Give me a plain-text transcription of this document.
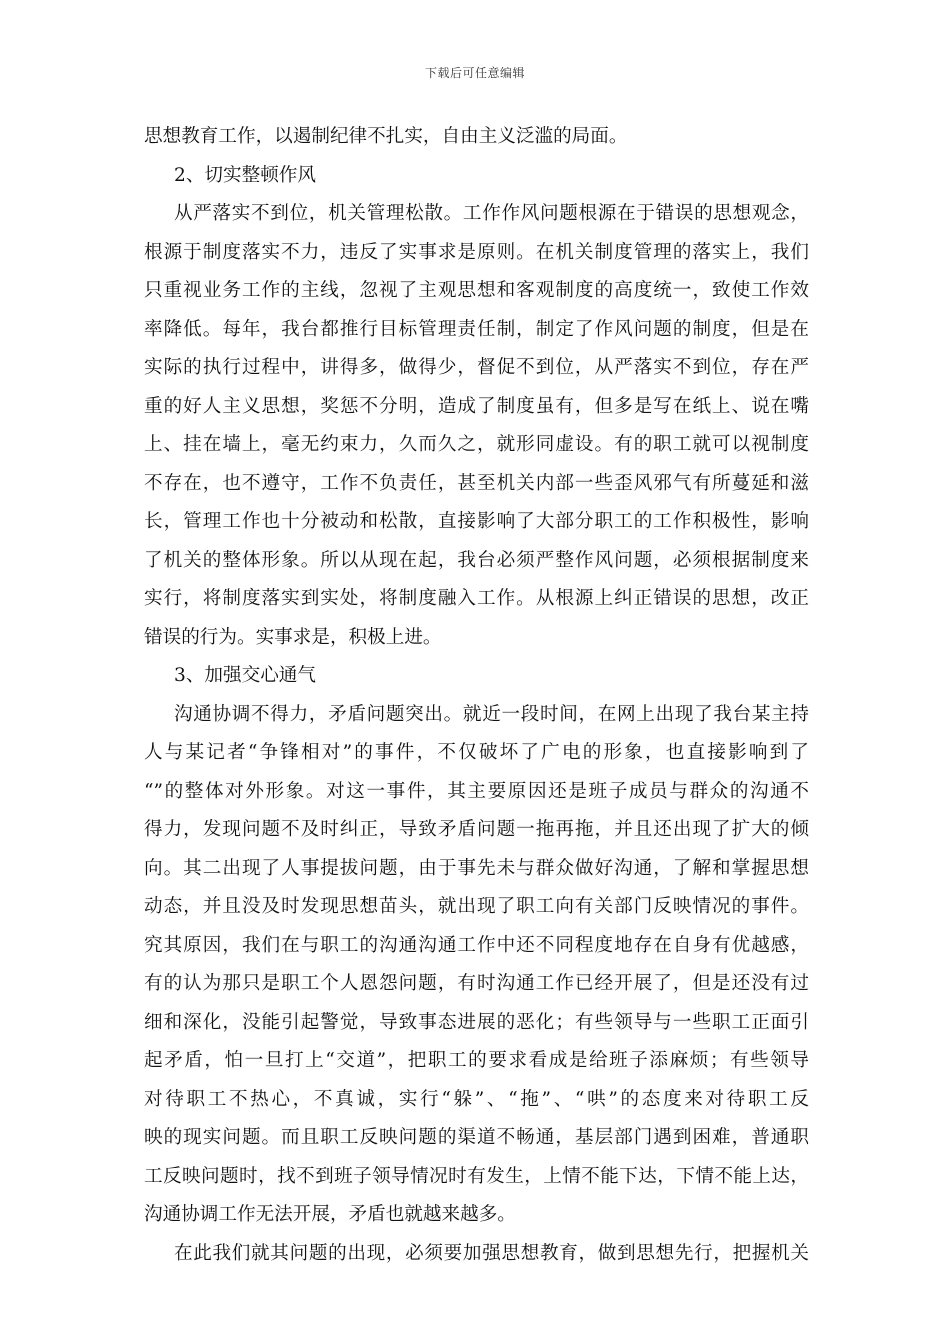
下载后可任意编辑
思想教育工作，以遏制纪律不扎实，自由主义泛滥的局面。
2、切实整顿作风
从严落实不到位，机关管理松散。工作作风问题根源在于错误的思想观念，
根源于制度落实不力，违反了实事求是原则。在机关制度管理的落实上，我们
只重视业务工作的主线，忽视了主观思想和客观制度的高度统一，致使工作效
率降低。每年，我台都推行目标管理责任制，制定了作风问题的制度，但是在
实际的执行过程中，讲得多，做得少，督促不到位，从严落实不到位，存在严
重的好人主义思想，奖惩不分明，造成了制度虽有，但多是写在纸上、说在嘴
上、挂在墙上，毫无约束力，久而久之，就形同虚设。有的职工就可以视制度
不存在，也不遵守，工作不负责任，甚至机关内部一些歪风邪气有所蔓延和滋
长，管理工作也十分被动和松散，直接影响了大部分职工的工作积极性，影响
了机关的整体形象。所以从现在起，我台必须严整作风问题，必须根据制度来
实行，将制度落实到实处，将制度融入工作。从根源上纠正错误的思想，改正
错误的行为。实事求是，积极上进。
3、加强交心通气
沟通协调不得力，矛盾问题突出。就近一段时间，在网上出现了我台某主持
人与某记者“争锋相对”的事件，不仅破坏了广电的形象，也直接影响到了
“”的整体对外形象。对这一事件，其主要原因还是班子成员与群众的沟通不
得力，发现问题不及时纠正，导致矛盾问题一拖再拖，并且还出现了扩大的倾
向。其二出现了人事提拔问题，由于事先未与群众做好沟通，了解和掌握思想
动态，并且没及时发现思想苗头，就出现了职工向有关部门反映情况的事件。
究其原因，我们在与职工的沟通沟通工作中还不同程度地存在自身有优越感，
有的认为那只是职工个人恩怨问题，有时沟通工作已经开展了，但是还没有过
细和深化，没能引起警觉，导致事态进展的恶化；有些领导与一些职工正面引
起矛盾，怕一旦打上“交道”，把职工的要求看成是给班子添麻烦；有些领导
对待职工不热心，不真诚，实行“躲”、“拖”、“哄”的态度来对待职工反
映的现实问题。而且职工反映问题的渠道不畅通，基层部门遇到困难，普通职
工反映问题时，找不到班子领导情况时有发生，上情不能下达，下情不能上达，
沟通协调工作无法开展，矛盾也就越来越多。
在此我们就其问题的出现，必须要加强思想教育，做到思想先行，把握机关
